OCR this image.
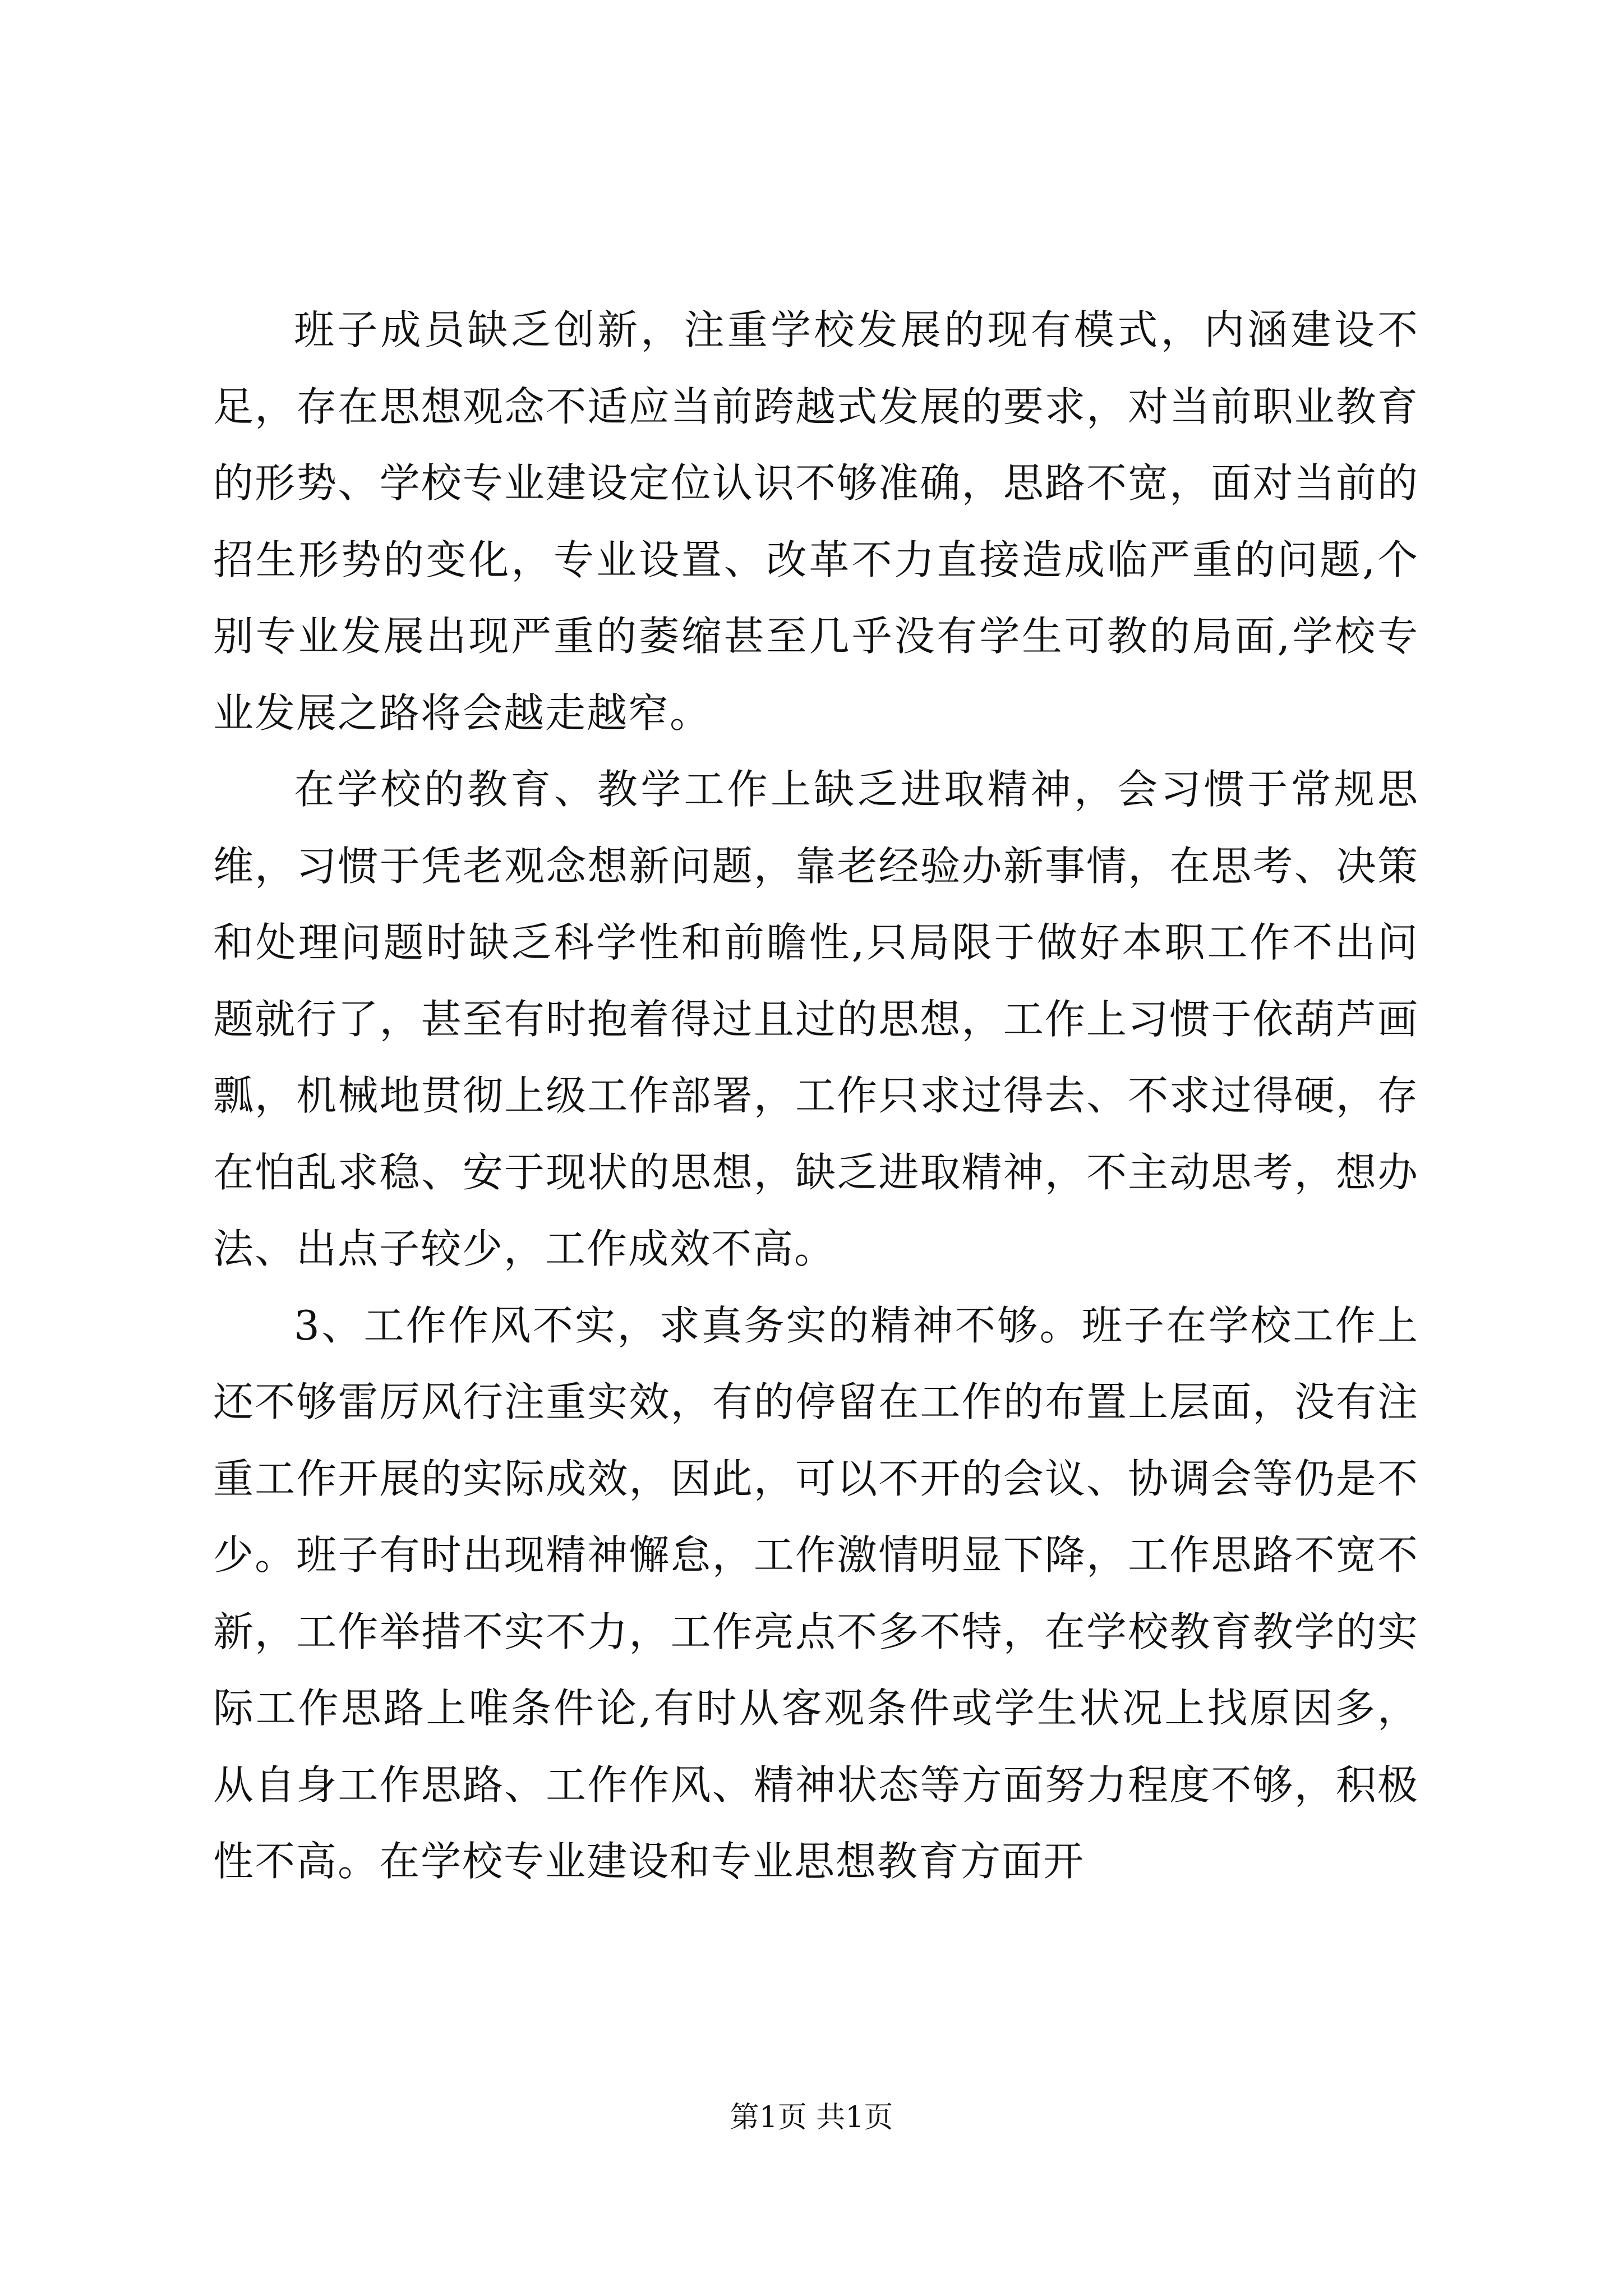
班子成员缺乏创新，注重学校发展的现有模式，内涵建设不足，存在思想观念不适应当前跨越式发展的要求，对当前职业教育的形势、学校专业建设定位认识不够准确，思路不宽，面对当前的招生形势的变化，专业设置、改革不力直接造成临严重的问题,个别专业发展出现严重的萎缩甚至几乎没有学生可教的局面,学校专业发展之路将会越走越窄。

在学校的教育、教学工作上缺乏进取精神，会习惯于常规思维，习惯于凭老观念想新问题，靠老经验办新事情，在思考、决策和处理问题时缺乏科学性和前瞻性,只局限于做好本职工作不出问题就行了，甚至有时抱着得过且过的思想，工作上习惯于依葫芦画瓢，机械地贯彻上级工作部署，工作只求过得去、不求过得硬，存在怕乱求稳、安于现状的思想，缺乏进取精神，不主动思考，想办法、出点子较少，工作成效不高。

3、工作作风不实，求真务实的精神不够。班子在学校工作上还不够雷厉风行注重实效，有的停留在工作的布置上层面，没有注重工作开展的实际成效，因此，可以不开的会议、协调会等仍是不少。班子有时出现精神懈怠，工作激情明显下降，工作思路不宽不新，工作举措不实不力，工作亮点不多不特，在学校教育教学的实际工作思路上唯条件论,有时从客观条件或学生状况上找原因多，从自身工作思路、工作作风、精神状态等方面努力程度不够，积极性不高。在学校专业建设和专业思想教育方面开

第1页 共1页
